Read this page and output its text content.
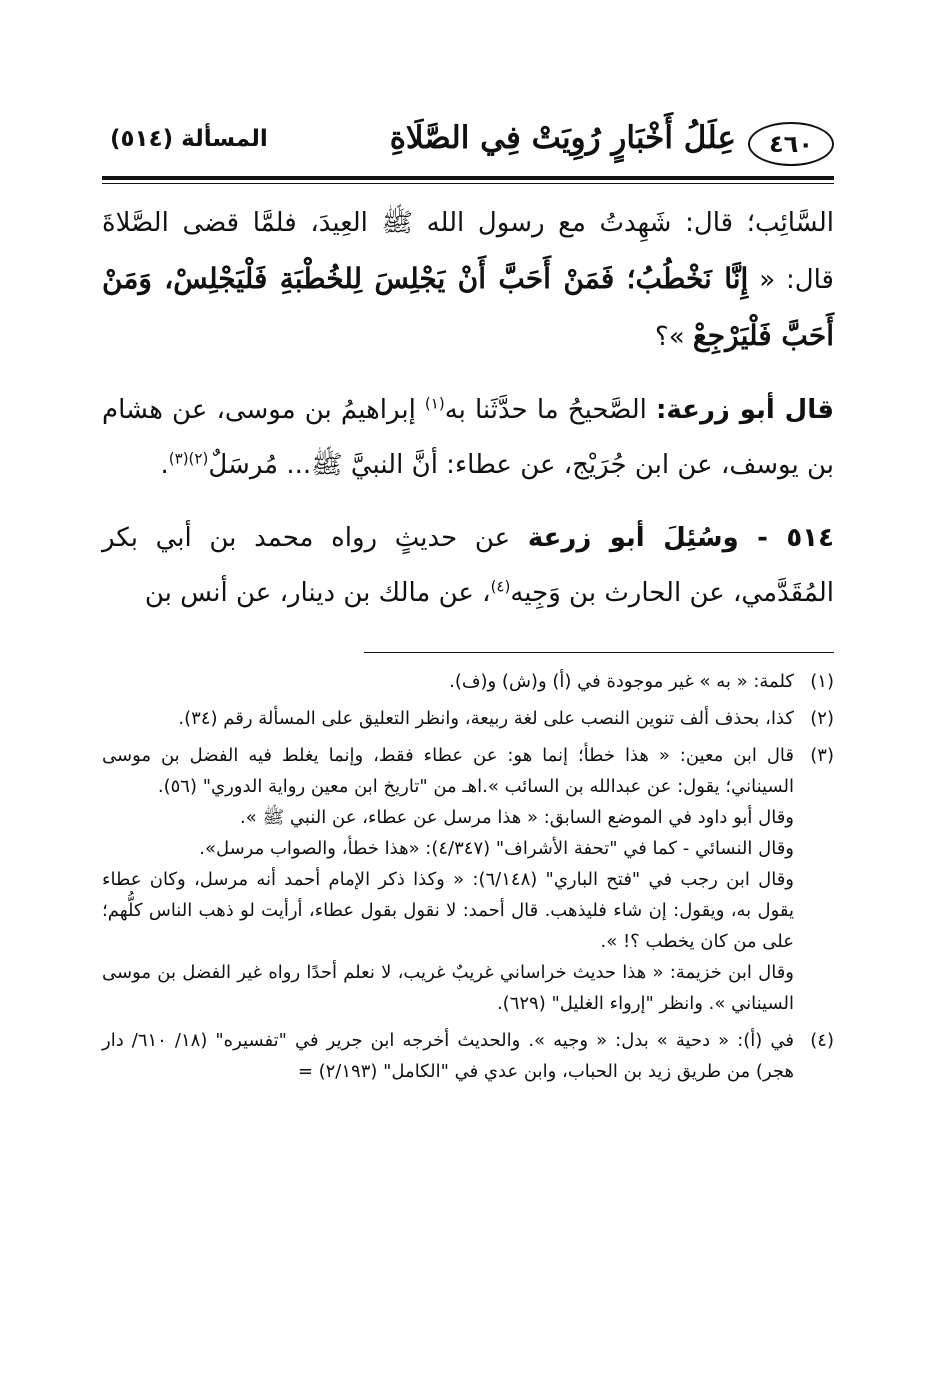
٤٦٠
عِلَلُ أَخْبَارٍ رُوِيَتْ فِي الصَّلَاةِ
المسألة (٥١٤)

السَّائِب؛ قال: شَهِدتُ مع رسول الله ﷺ العِيدَ، فلمَّا قضى الصَّلاةَ قال: « إِنَّا نَخْطُبُ؛ فَمَنْ أَحَبَّ أَنْ يَجْلِسَ لِلخُطْبَةِ فَلْيَجْلِسْ، وَمَنْ أَحَبَّ فَلْيَرْجِعْ »؟

قال أبو زرعة: الصَّحيحُ ما حدَّثَنا به$^{(١)}$ إبراهيمُ بن موسى، عن هشام بن يوسف، عن ابن جُرَيْج، عن عطاء: أنَّ النبيَّ ﷺ... مُرسَلٌ$^{(٢)(٣)}$.

٥١٤ - وسُئِلَ أبو زرعة عن حديثٍ رواه محمد بن أبي بكر المُقَدَّمي، عن الحارث بن وَجِيه$^{(٤)}$، عن مالك بن دينار، عن أنس بن

(١)

كلمة: « به » غير موجودة في (أ) و(ش) و(ف).

(٢)

كذا، بحذف ألف تنوين النصب على لغة ربيعة، وانظر التعليق على المسألة رقم (٣٤).

(٣)

قال ابن معين: « هذا خطأ؛ إنما هو: عن عطاء فقط، وإنما يغلط فيه الفضل بن موسى السيناني؛ يقول: عن عبدالله بن السائب ».اهـ من "تاريخ ابن معين رواية الدوري" (٥٦).

وقال أبو داود في الموضع السابق: « هذا مرسل عن عطاء، عن النبي ﷺ ».

وقال النسائي - كما في "تحفة الأشراف" (٤/٣٤٧): «هذا خطأ، والصواب مرسل».

وقال ابن رجب في "فتح الباري" (٦/١٤٨): « وكذا ذكر الإمام أحمد أنه مرسل، وكان عطاء يقول به، ويقول: إن شاء فليذهب. قال أحمد: لا نقول بقول عطاء، أرأيت لو ذهب الناس كلُّهم؛ على من كان يخطب ؟! ».

وقال ابن خزيمة: « هذا حديث خراساني غريبٌ غريب، لا نعلم أحدًا رواه غير الفضل بن موسى السيناني ». وانظر "إرواء الغليل" (٦٢٩).

(٤)

في (أ): « دحية » بدل: « وجيه ». والحديث أخرجه ابن جرير في "تفسيره" (١٨/ ٦١٠/ دار هجر) من طريق زيد بن الحباب، وابن عدي في "الكامل" (٢/١٩٣) =
